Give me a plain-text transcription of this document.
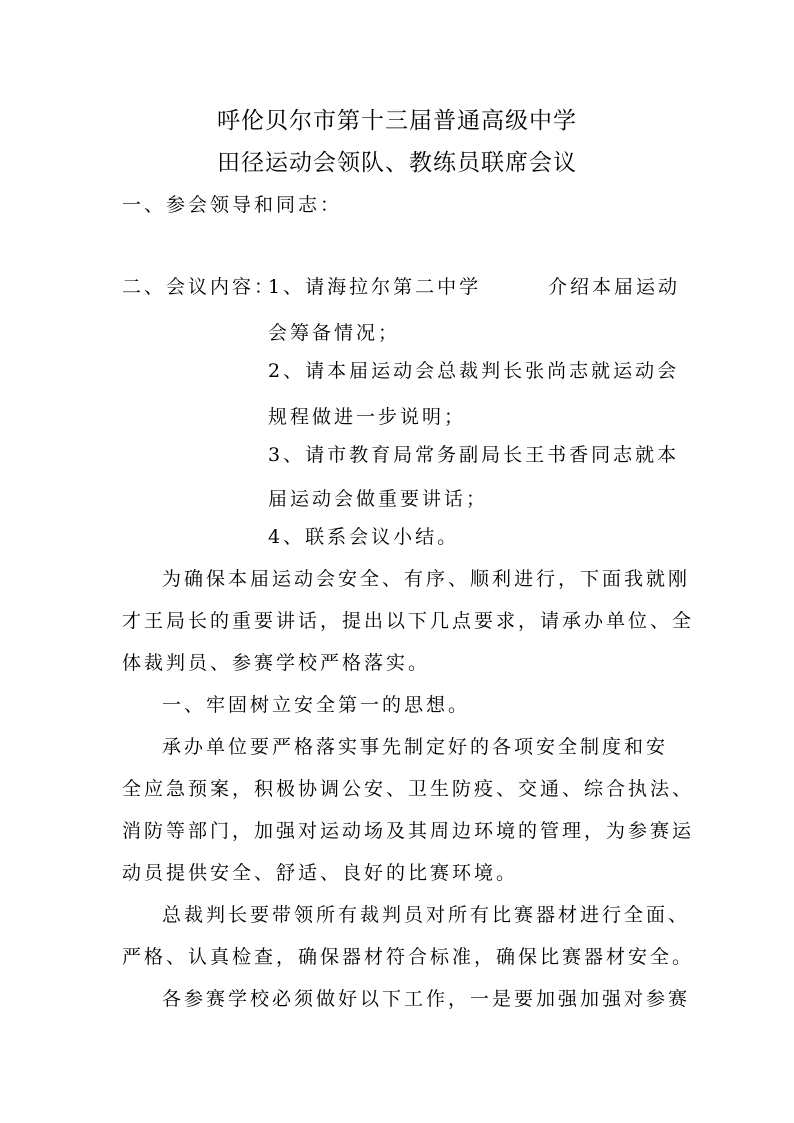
呼伦贝尔市第十三届普通高级中学
田径运动会领队、教练员联席会议
一、参会领导和同志：
二、会议内容：
1、请海拉尔第二中学	介绍本届运动
会筹备情况；
2、请本届运动会总裁判长张尚志就运动会
规程做进一步说明；
3、请市教育局常务副局长王书香同志就本
届运动会做重要讲话；
4、联系会议小结。
为确保本届运动会安全、有序、顺利进行，下面我就刚
才王局长的重要讲话，提出以下几点要求，请承办单位、全
体裁判员、参赛学校严格落实。
一、牢固树立安全第一的思想。
承办单位要严格落实事先制定好的各项安全制度和安
全应急预案，积极协调公安、卫生防疫、交通、综合执法、
消防等部门，加强对运动场及其周边环境的管理，为参赛运
动员提供安全、舒适、良好的比赛环境。
总裁判长要带领所有裁判员对所有比赛器材进行全面、
严格、认真检查，确保器材符合标准，确保比赛器材安全。
各参赛学校必须做好以下工作，一是要加强加强对参赛
